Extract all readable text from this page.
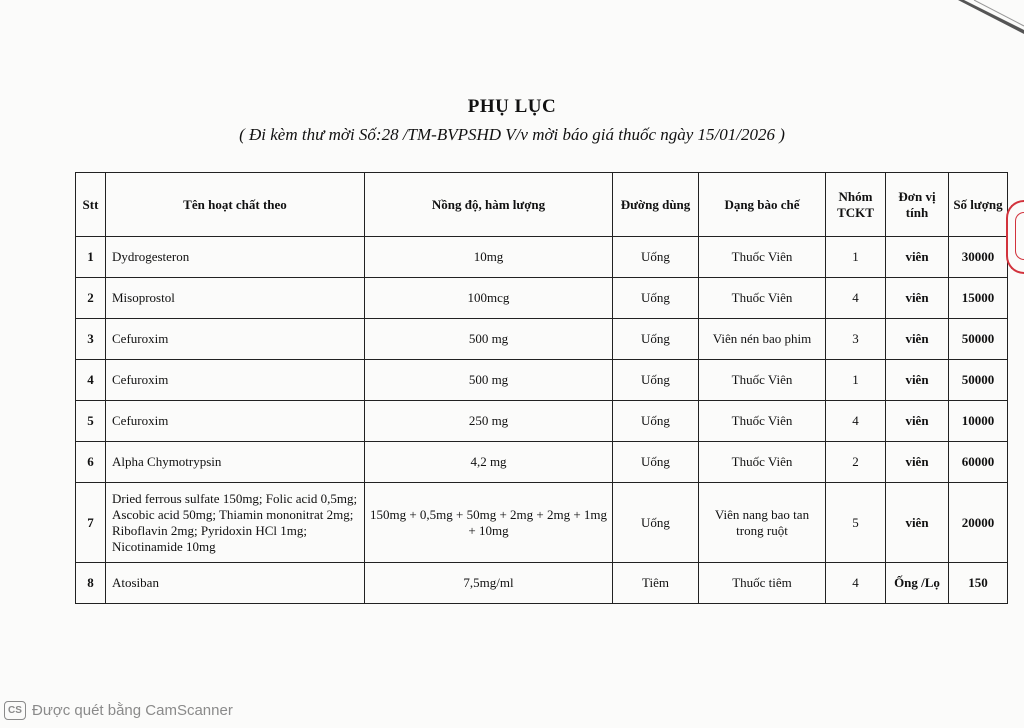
PHỤ LỤC
( Đi kèm thư mời Số:28 /TM-BVPSHD V/v mời báo giá thuốc ngày 15/01/2026 )
Stt	Tên hoạt chất theo	Nồng độ, hàm lượng	Đường dùng	Dạng bào chế	Nhóm TCKT	Đơn vị tính	Số lượng
1	Dydrogesteron	10mg	Uống	Thuốc Viên	1	viên	30000
2	Misoprostol	100mcg	Uống	Thuốc Viên	4	viên	15000
3	Cefuroxim	500 mg	Uống	Viên nén bao phim	3	viên	50000
4	Cefuroxim	500 mg	Uống	Thuốc Viên	1	viên	50000
5	Cefuroxim	250 mg	Uống	Thuốc Viên	4	viên	10000
6	Alpha Chymotrypsin	4,2 mg	Uống	Thuốc Viên	2	viên	60000
7	Dried ferrous sulfate 150mg; Folic acid 0,5mg; Ascobic acid 50mg; Thiamin mononitrat 2mg; Riboflavin 2mg; Pyridoxin HCl 1mg; Nicotinamide 10mg	150mg + 0,5mg + 50mg + 2mg + 2mg + 1mg + 10mg	Uống	Viên nang bao tan trong ruột	5	viên	20000
8	Atosiban	7,5mg/ml	Tiêm	Thuốc tiêm	4	Ống /Lọ	150
CS Được quét bằng CamScanner
